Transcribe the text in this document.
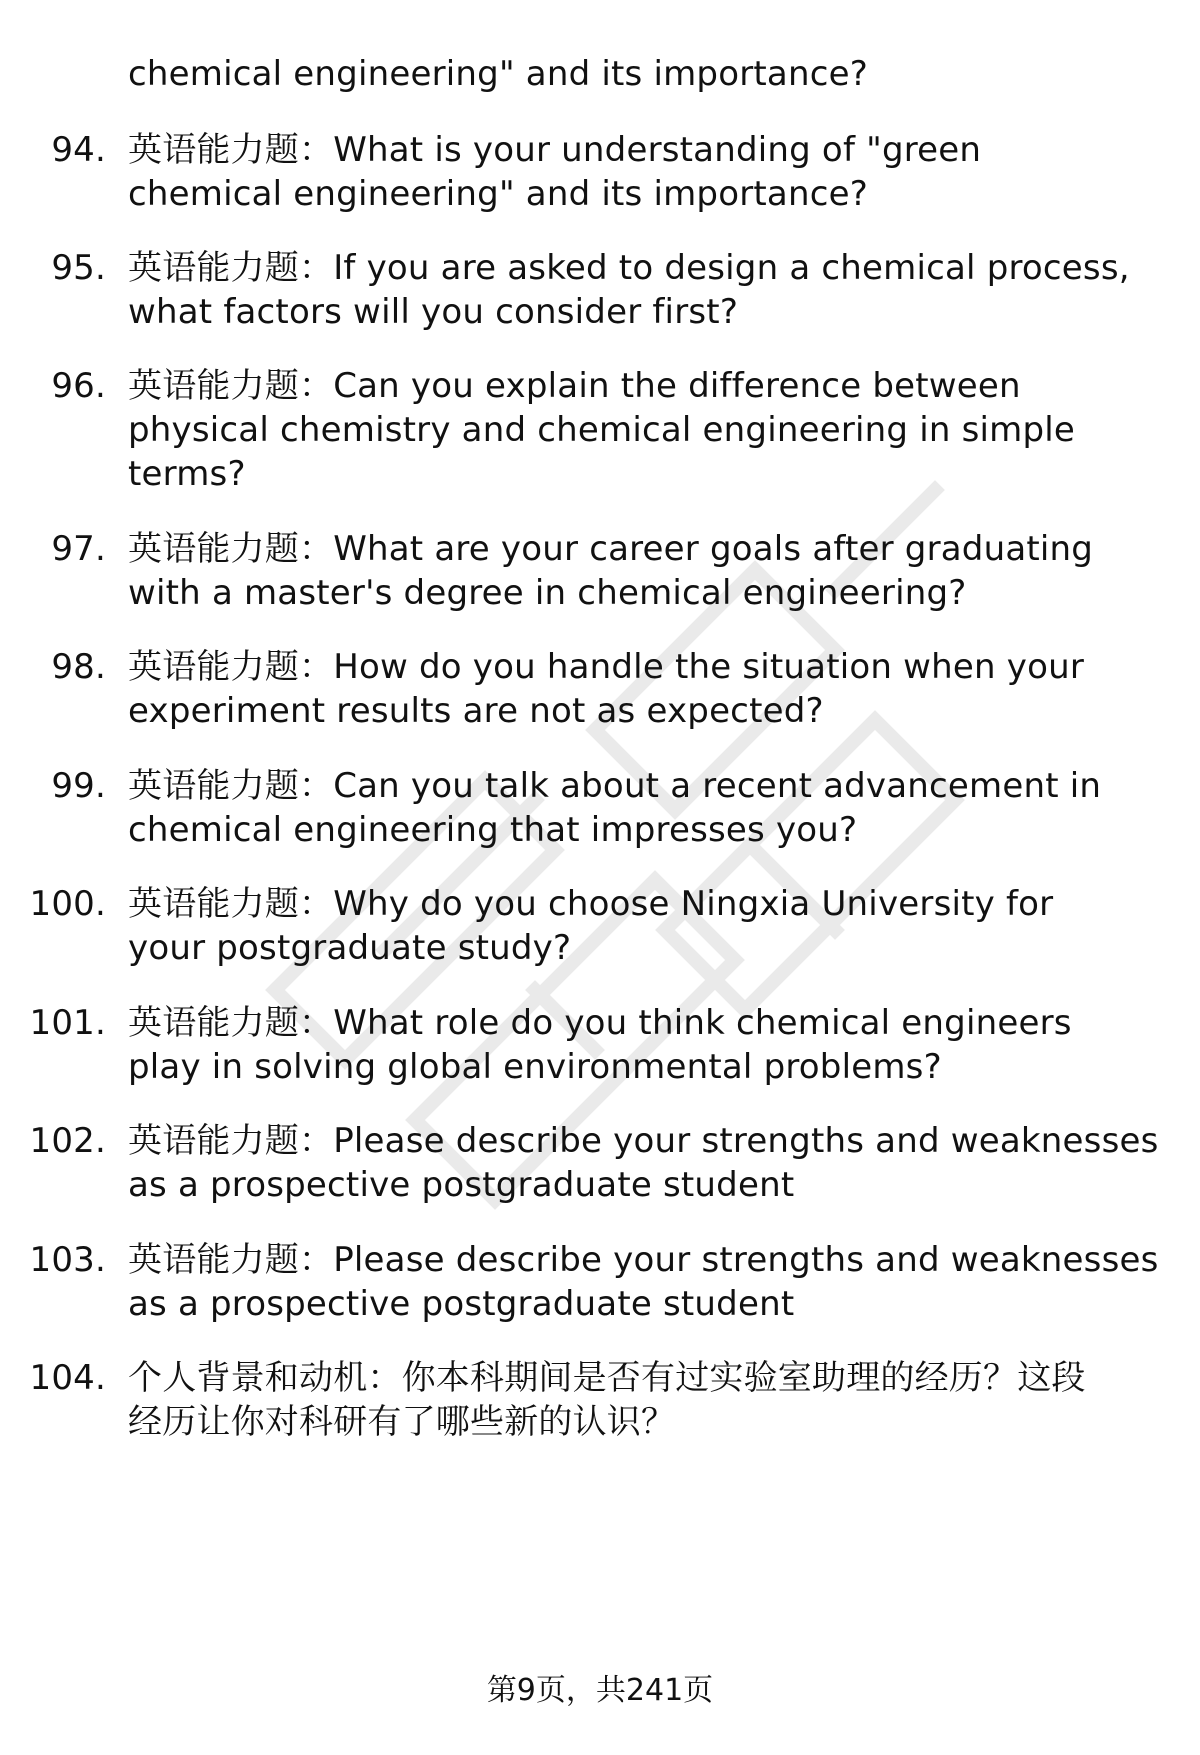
chemical engineering" and its importance?
94. 英语能力题：What is your understanding of "green
chemical engineering" and its importance?
95. 英语能力题：If you are asked to design a chemical process,
what factors will you consider first?
96. 英语能力题：Can you explain the difference between
physical chemistry and chemical engineering in simple
terms?
97. 英语能力题：What are your career goals after graduating
with a master's degree in chemical engineering?
98. 英语能力题：How do you handle the situation when your
experiment results are not as expected?
99. 英语能力题：Can you talk about a recent advancement in
chemical engineering that impresses you?
100. 英语能力题：Why do you choose Ningxia University for
your postgraduate study?
101. 英语能力题：What role do you think chemical engineers
play in solving global environmental problems?
102. 英语能力题：Please describe your strengths and weaknesses
as a prospective postgraduate student
103. 英语能力题：Please describe your strengths and weaknesses
as a prospective postgraduate student
104. 个人背景和动机：你本科期间是否有过实验室助理的经历？这段
经历让你对科研有了哪些新的认识？
第9页，共241页
